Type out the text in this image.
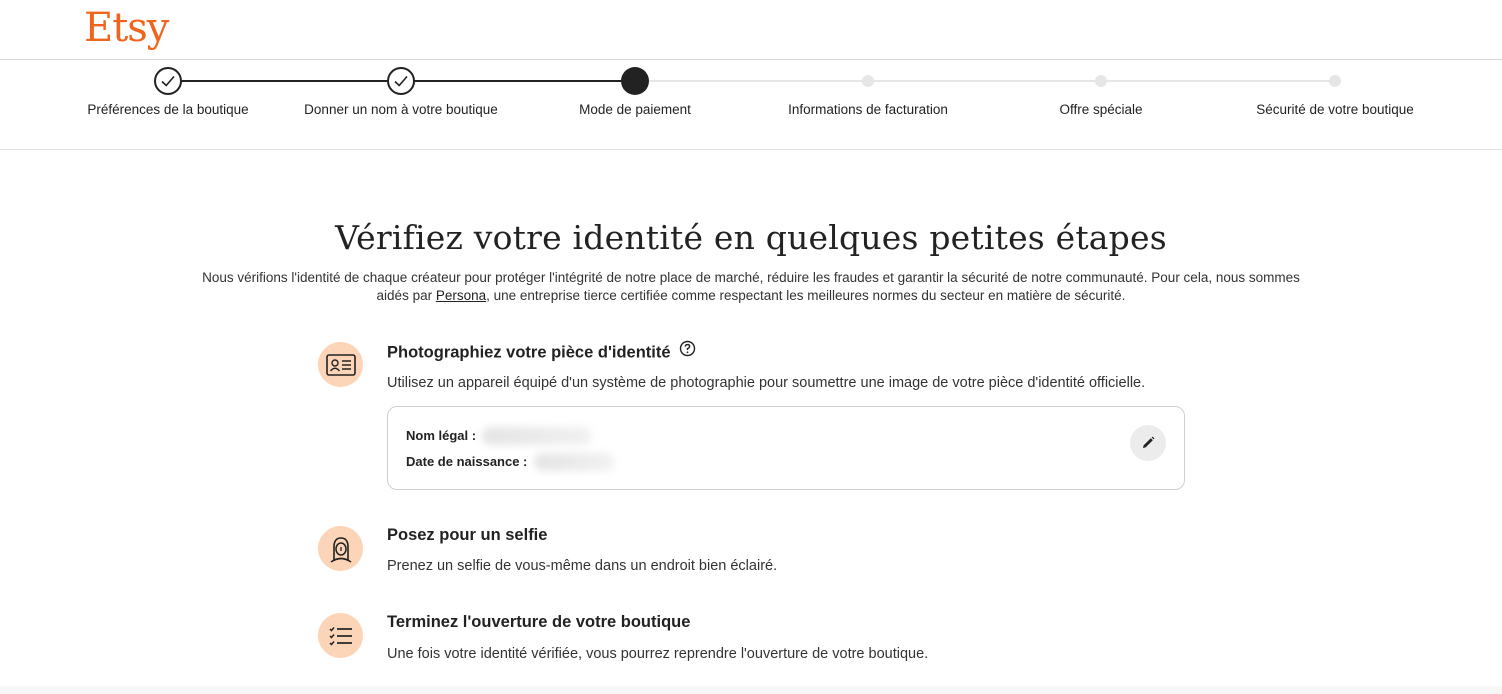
Etsy
Préférences de la boutique	Donner un nom à votre boutique	Mode de paiement	Informations de facturation	Offre spéciale	Sécurité de votre boutique
Vérifiez votre identité en quelques petites étapes
Nous vérifions l'identité de chaque créateur pour protéger l'intégrité de notre place de marché, réduire les fraudes et garantir la sécurité de notre communauté. Pour cela, nous sommes aidés par Persona, une entreprise tierce certifiée comme respectant les meilleures normes du secteur en matière de sécurité.
Photographiez votre pièce d'identité
Utilisez un appareil équipé d'un système de photographie pour soumettre une image de votre pièce d'identité officielle.
Nom légal :
Date de naissance :
Posez pour un selfie
Prenez un selfie de vous-même dans un endroit bien éclairé.
Terminez l'ouverture de votre boutique
Une fois votre identité vérifiée, vous pourrez reprendre l'ouverture de votre boutique.
